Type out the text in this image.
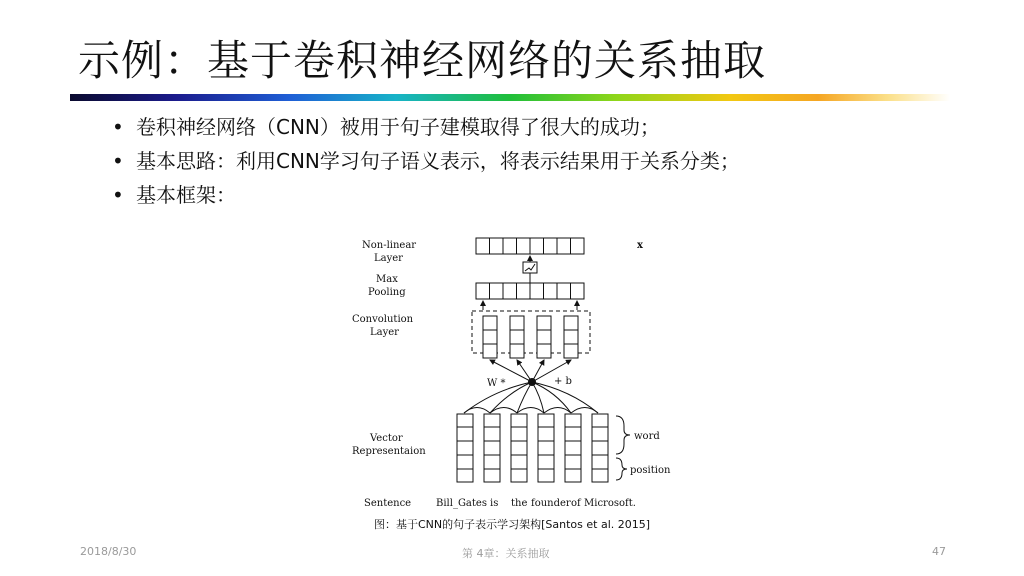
示例：基于卷积神经网络的关系抽取
• 卷积神经网络（CNN）被用于句子建模取得了很大的成功；
• 基本思路：利用CNN学习句子语义表示，将表示结果用于关系分类；
• 基本框架：
Non-linear
Layer
Max
Pooling
Convolution
Layer
Vector
Representaion
Sentence
x
W *	+ b
word
position
Bill_Gates is the founder of Microsoft.
图：基于CNN的句子表示学习架构[Santos et al. 2015]
2018/8/30	第 4章：关系抽取	47
